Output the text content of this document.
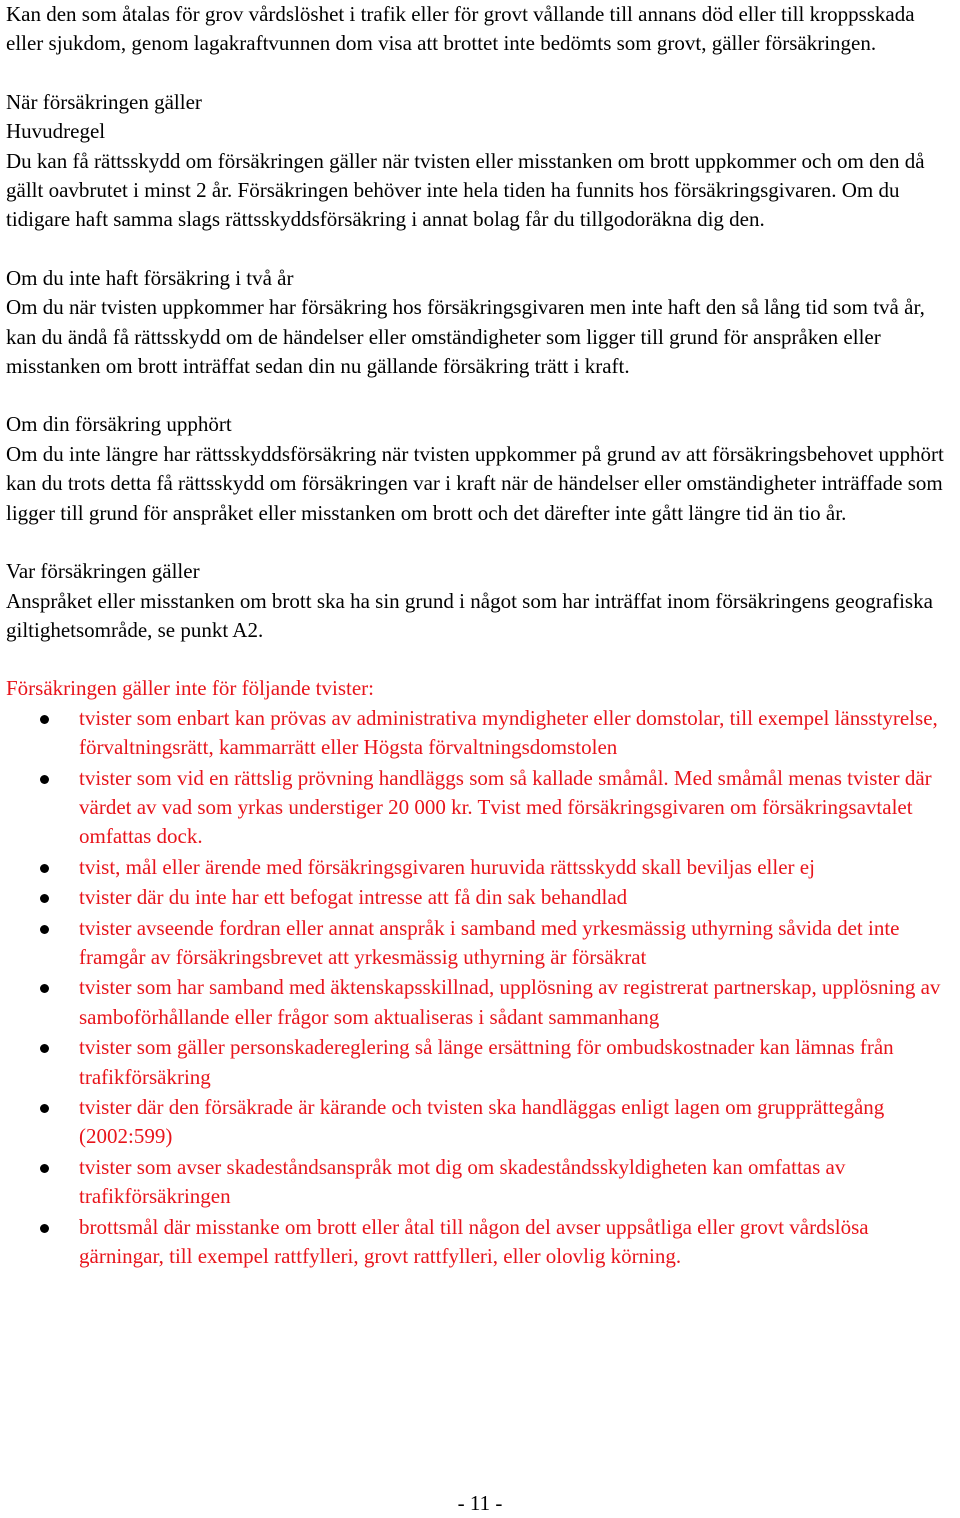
Kan den som åtalas för grov vårdslöshet i trafik eller för grovt vållande till annans död eller till kroppsskada eller sjukdom, genom lagakraftvunnen dom visa att brottet inte bedömts som grovt, gäller försäkringen.

När försäkringen gäller
Huvudregel

Du kan få rättsskydd om försäkringen gäller när tvisten eller misstanken om brott uppkommer och om den då gällt oavbrutet i minst 2 år. Försäkringen behöver inte hela tiden ha funnits hos försäkringsgivaren. Om du tidigare haft samma slags rättsskyddsförsäkring i annat bolag får du tillgodoräkna dig den.

Om du inte haft försäkring i två år

Om du när tvisten uppkommer har försäkring hos försäkringsgivaren men inte haft den så lång tid som två år, kan du ändå få rättsskydd om de händelser eller omständigheter som ligger till grund för anspråken eller misstanken om brott inträffat sedan din nu gällande försäkring trätt i kraft.

Om din försäkring upphört

Om du inte längre har rättsskyddsförsäkring när tvisten uppkommer på grund av att försäkringsbehovet upphört kan du trots detta få rättsskydd om försäkringen var i kraft när de händelser eller omständigheter inträffade som ligger till grund för anspråket eller misstanken om brott och det därefter inte gått längre tid än tio år.

Var försäkringen gäller

Anspråket eller misstanken om brott ska ha sin grund i något som har inträffat inom försäkringens geografiska giltighetsområde, se punkt A2.

Försäkringen gäller inte för följande tvister:
tvister som enbart kan prövas av administrativa myndigheter eller domstolar, till exempel länsstyrelse, förvaltningsrätt, kammarrätt eller Högsta förvaltningsdomstolen
tvister som vid en rättslig prövning handläggs som så kallade småmål. Med småmål menas tvister där värdet av vad som yrkas understiger 20 000 kr. Tvist med försäkringsgivaren om försäkringsavtalet omfattas dock.
tvist, mål eller ärende med försäkringsgivaren huruvida rättsskydd skall beviljas eller ej
tvister där du inte har ett befogat intresse att få din sak behandlad
tvister avseende fordran eller annat anspråk i samband med yrkesmässig uthyrning såvida det inte framgår av försäkringsbrevet att yrkesmässig uthyrning är försäkrat
tvister som har samband med äktenskapsskillnad, upplösning av registrerat partnerskap, upplösning av samboförhållande eller frågor som aktualiseras i sådant sammanhang
tvister som gäller personskadereglering så länge ersättning för ombudskostnader kan lämnas från trafikförsäkring
tvister där den försäkrade är kärande och tvisten ska handläggas enligt lagen om grupprättegång (2002:599)
tvister som avser skadeståndsanspråk mot dig om skadeståndsskyldigheten kan omfattas av trafikförsäkringen
brottsmål där misstanke om brott eller åtal till någon del avser uppsåtliga eller grovt vårdslösa gärningar, till exempel rattfylleri, grovt rattfylleri, eller olovlig körning.
- 11 -
